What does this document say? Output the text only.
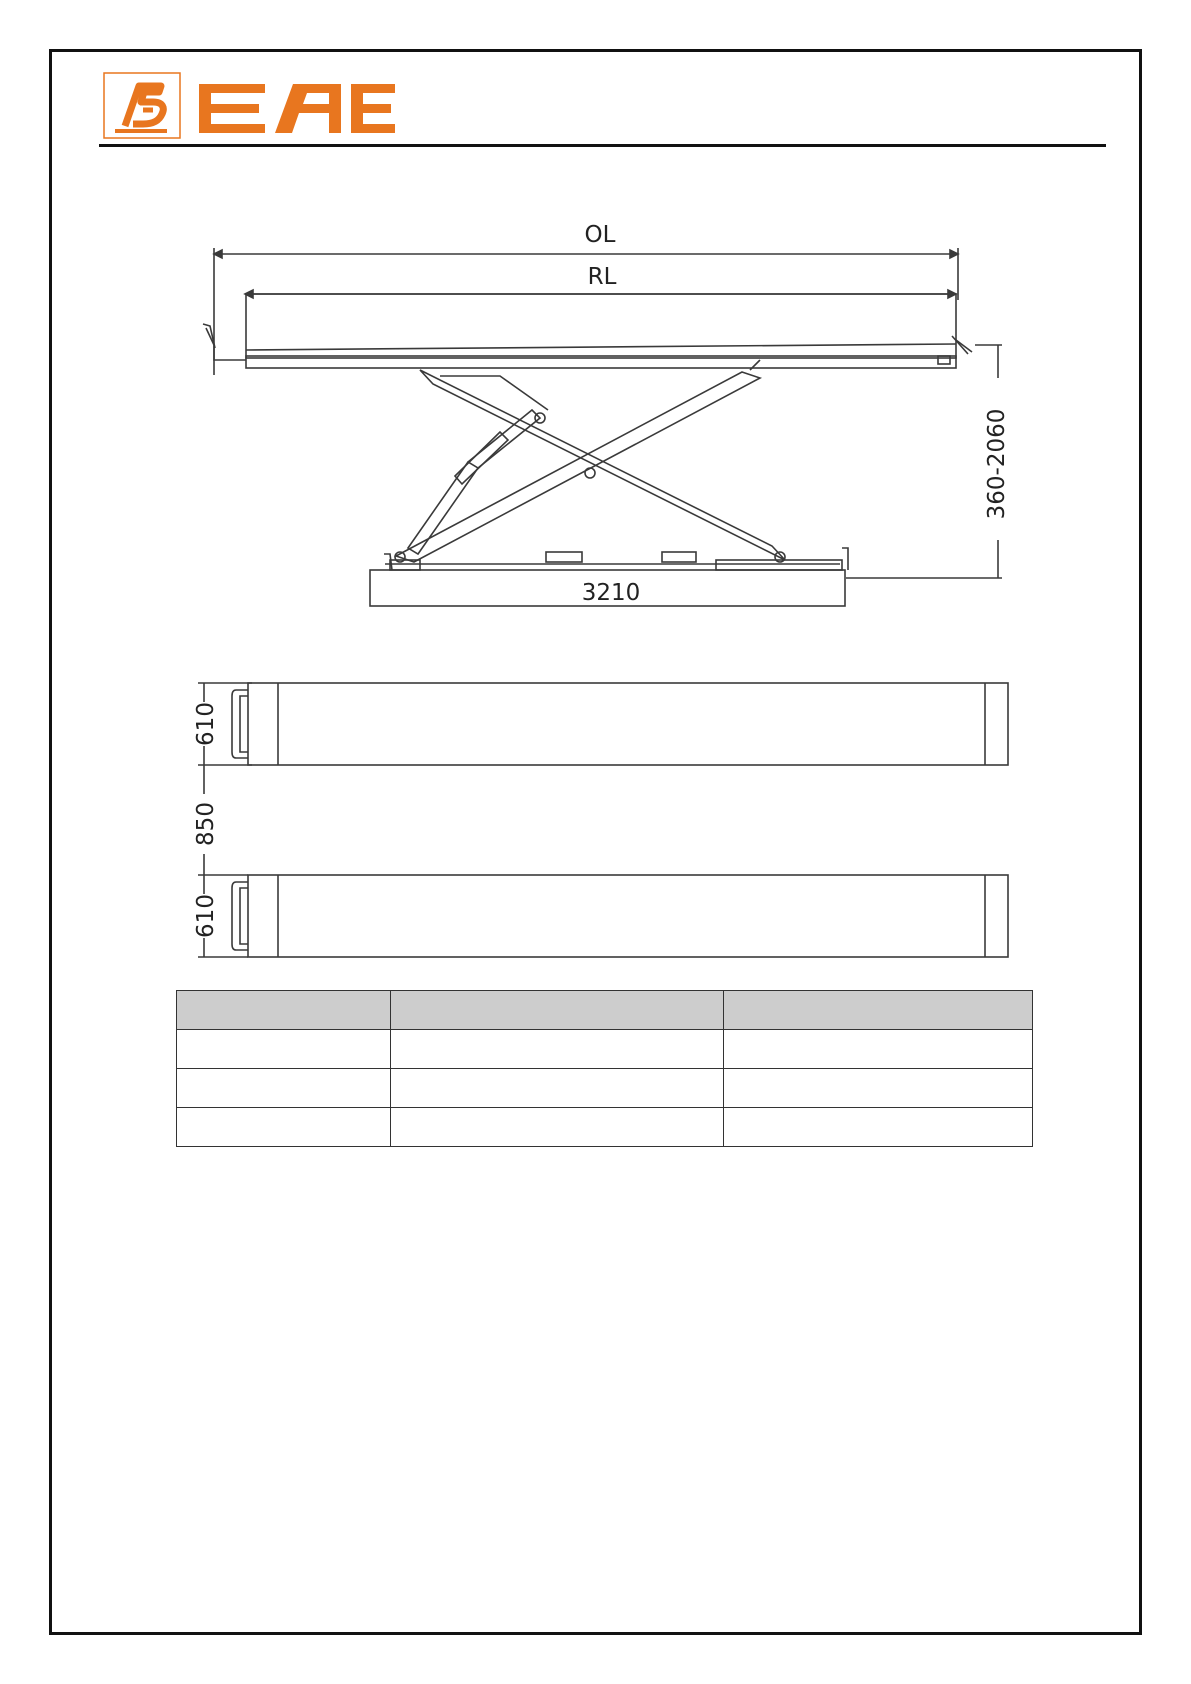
OL
RL
3210
360-2060
610
850
610
